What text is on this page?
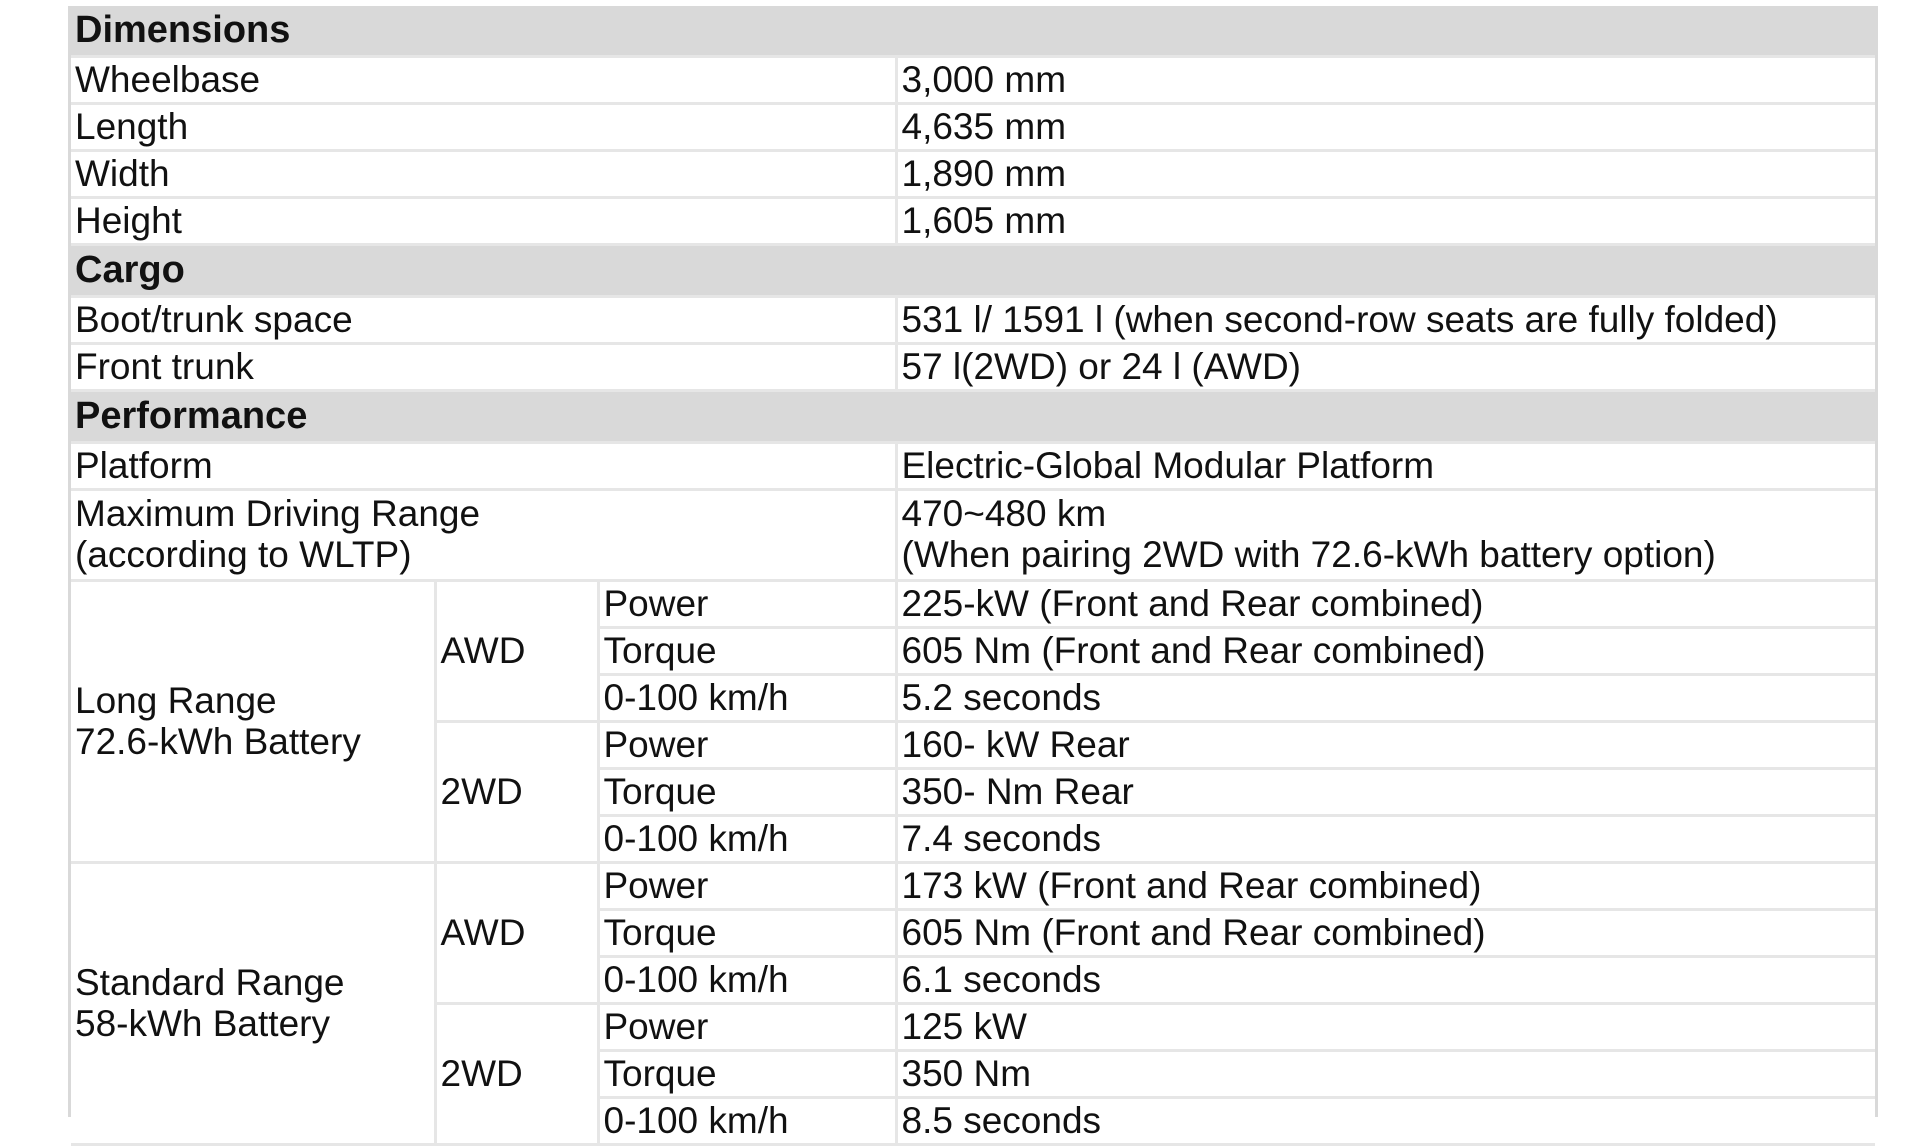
Dimensions			
Wheelbase			3,000 mm
Length			4,635 mm
Width			1,890 mm
Height			1,605 mm
Cargo			
Boot/trunk space			531 l/ 1591 l (when second-row seats are fully folded)
Front trunk			57 l(2WD) or 24 l (AWD)
Performance			
Platform			Electric-Global Modular Platform

Maximum Driving Range
(according to WLTP)			470~480 km
(When pairing 2WD with 72.6-kWh battery option)

Long Range
72.6-kWh Battery	AWD	Power	225-kW (Front and Rear combined)
		Torque	605 Nm (Front and Rear combined)
		0-100 km/h	5.2 seconds
	2WD	Power	160- kW Rear
		Torque	350- Nm Rear
		0-100 km/h	7.4 seconds

Standard Range
58-kWh Battery	AWD	Power	173 kW (Front and Rear combined)
		Torque	605 Nm (Front and Rear combined)
		0-100 km/h	6.1 seconds
	2WD	Power	125 kW
		Torque	350 Nm
		0-100 km/h	8.5 seconds
